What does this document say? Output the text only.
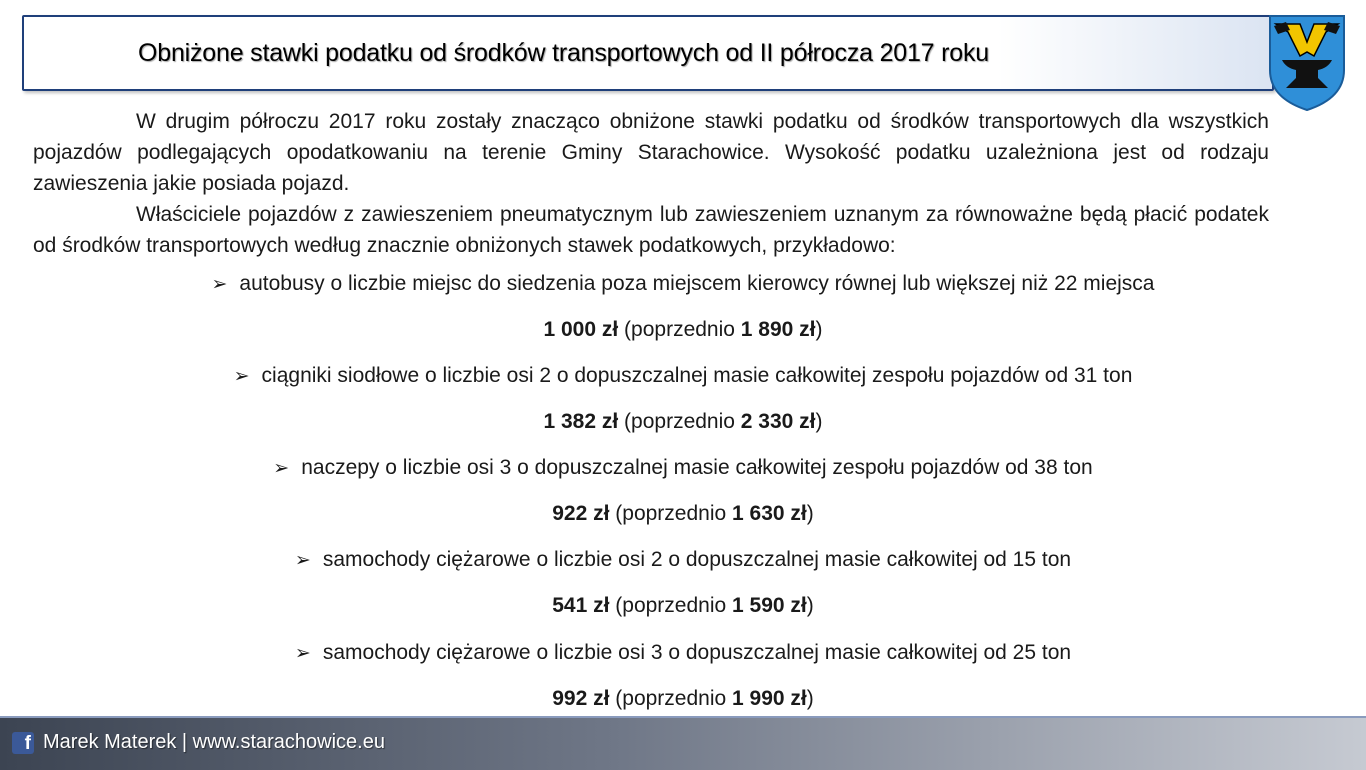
Obniżone stawki podatku od środków transportowych od II półrocza 2017 roku

W drugim półroczu 2017 roku zostały znacząco obniżone stawki podatku od środków transportowych dla wszystkich pojazdów podlegających opodatkowaniu na terenie Gminy Starachowice. Wysokość podatku uzależniona jest od rodzaju zawieszenia jakie posiada pojazd.

Właściciele pojazdów z zawieszeniem pneumatycznym lub zawieszeniem uznanym za równoważne będą płacić podatek od środków transportowych według znacznie obniżonych stawek podatkowych, przykładowo:

➢ autobusy o liczbie miejsc do siedzenia poza miejscem kierowcy równej lub większej niż 22 miejsca
1 000 zł (poprzednio 1 890 zł)
➢ ciągniki siodłowe o liczbie osi 2 o dopuszczalnej masie całkowitej zespołu pojazdów od 31 ton
1 382 zł (poprzednio 2 330 zł)
➢ naczepy o liczbie osi 3 o dopuszczalnej masie całkowitej zespołu pojazdów od 38 ton
922 zł (poprzednio 1 630 zł)
➢ samochody ciężarowe o liczbie osi 2 o dopuszczalnej masie całkowitej od 15 ton
541 zł (poprzednio 1 590 zł)
➢ samochody ciężarowe o liczbie osi 3 o dopuszczalnej masie całkowitej od 25 ton
992 zł (poprzednio 1 990 zł)
f Marek Materek | www.starachowice.eu
